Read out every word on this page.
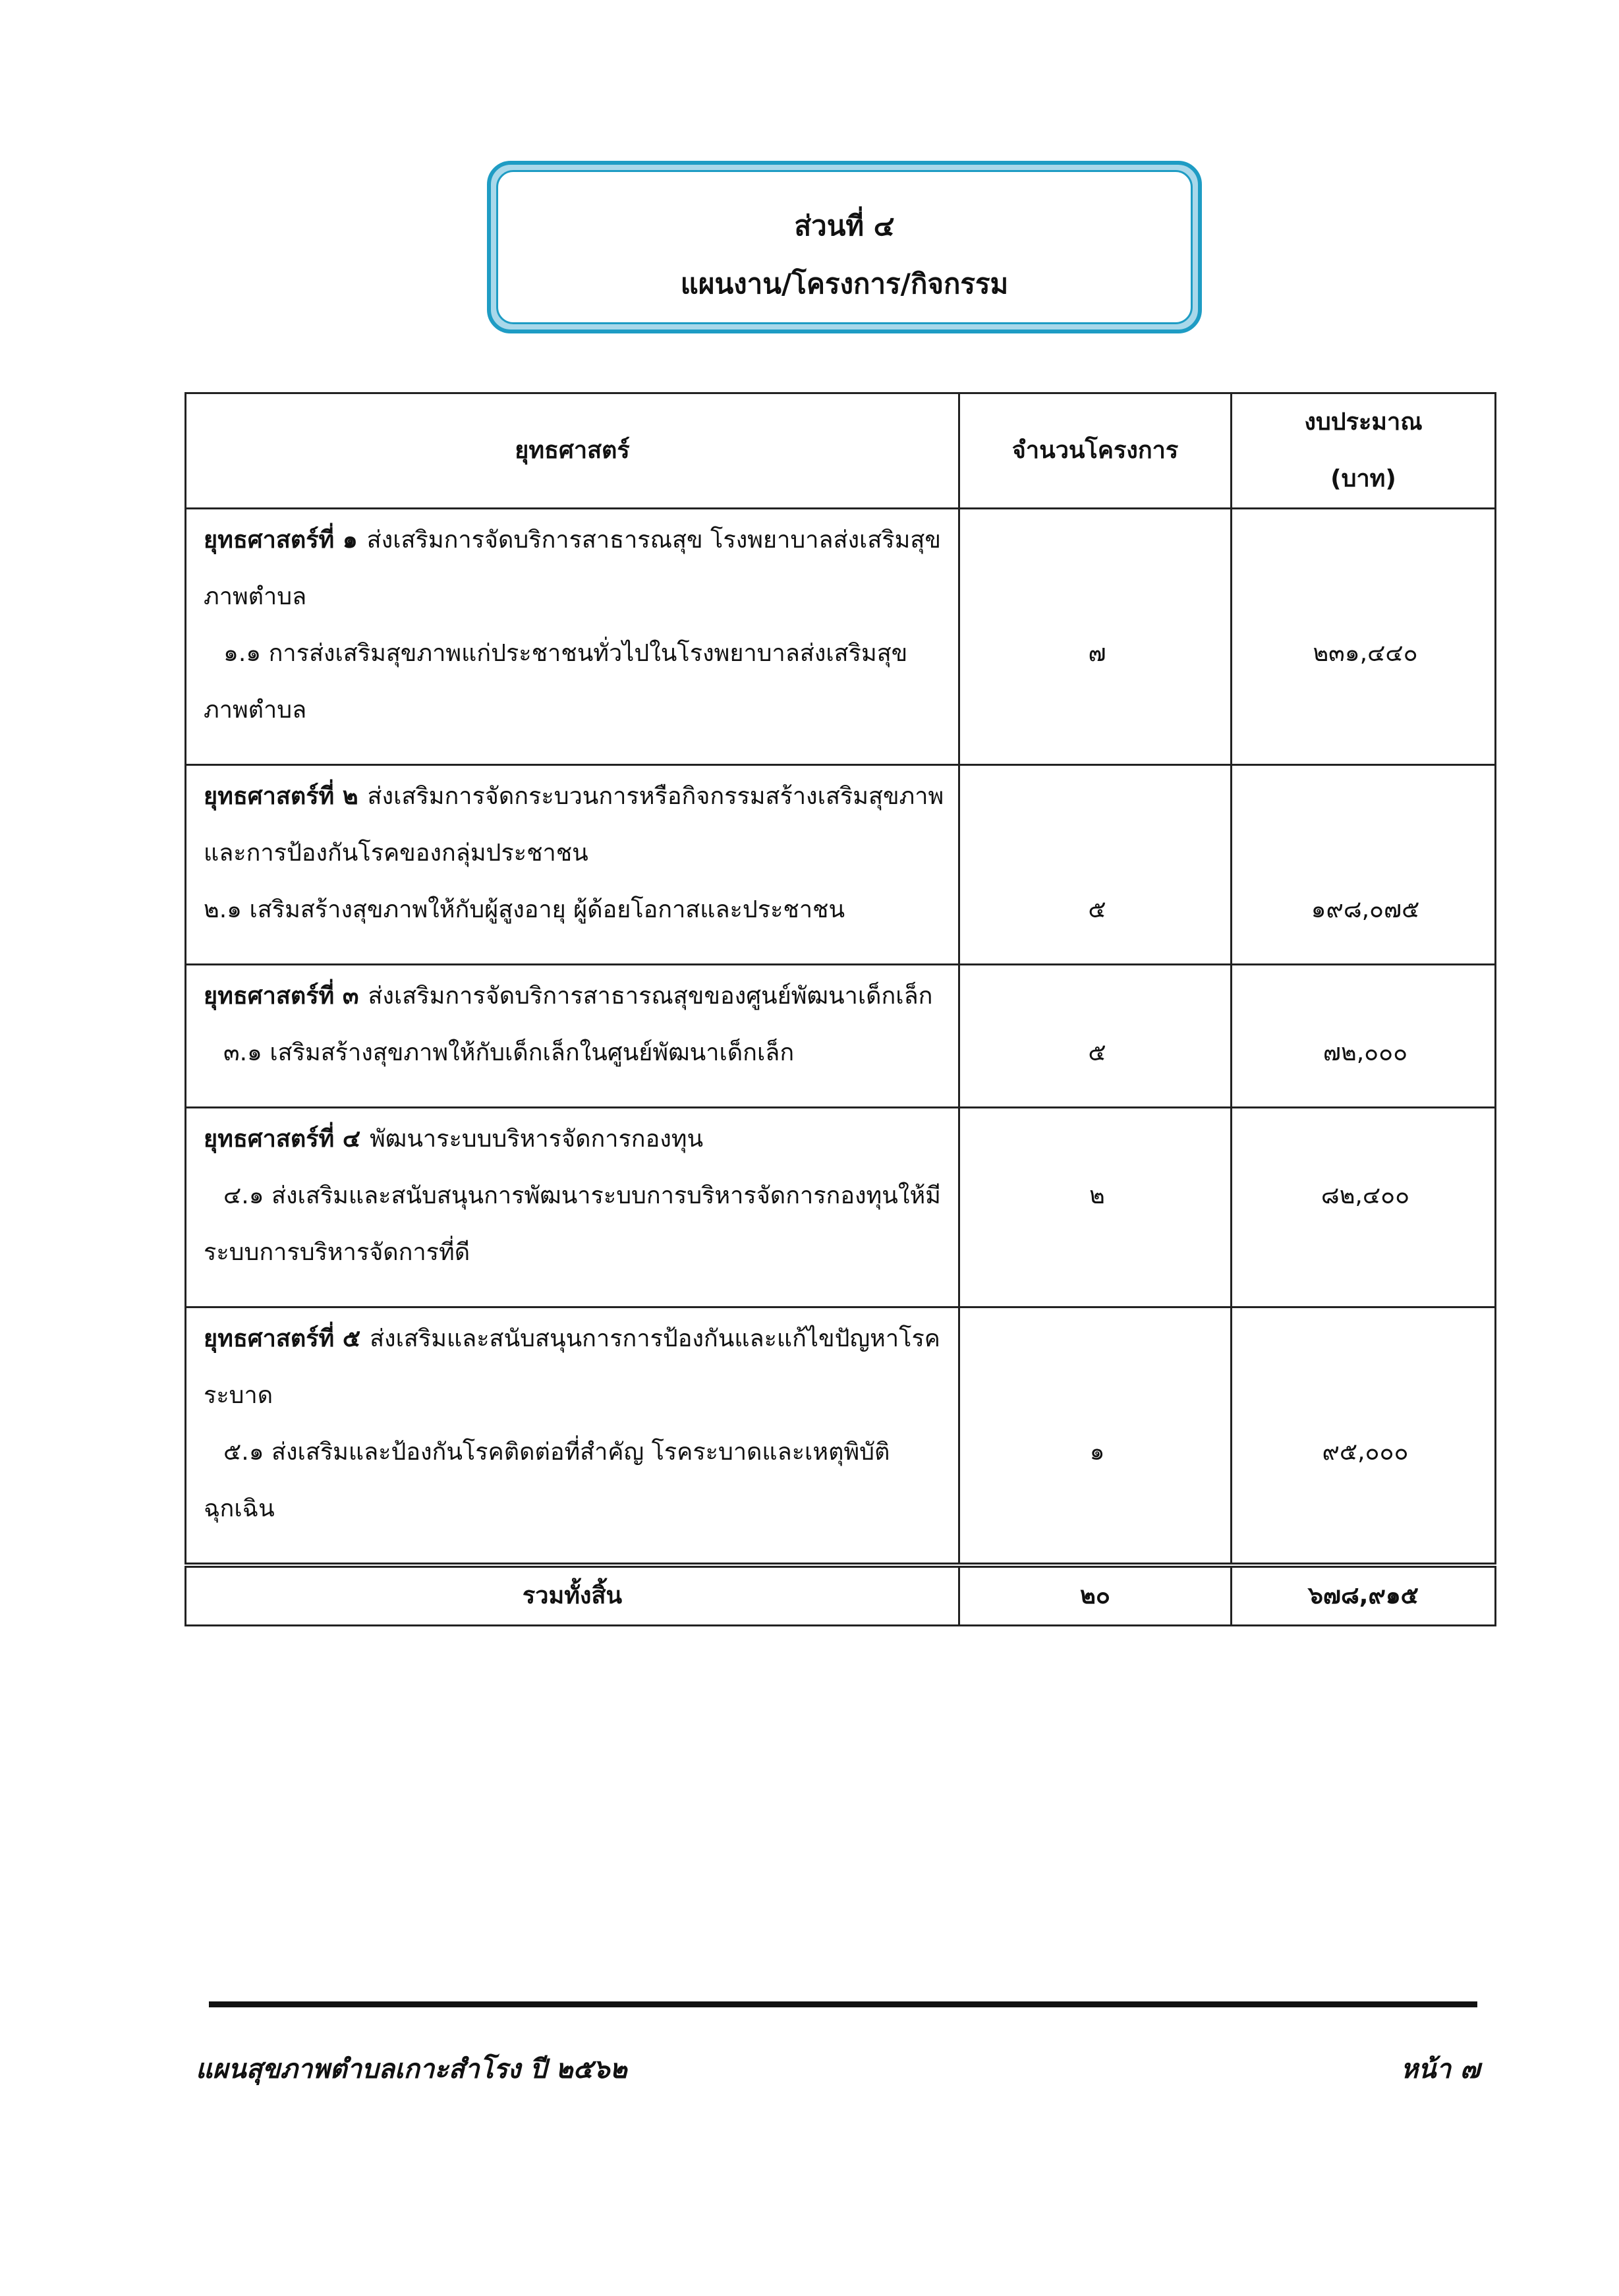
ส่วนที่ ๔
แผนงาน/โครงการ/กิจกรรม
ยุทธศาสตร์	จำนวนโครงการ	งบประมาณ
(บาท)

ยุทธศาสตร์ที่ ๑ ส่งเสริมการจัดบริการสาธารณสุข โรงพยาบาลส่งเสริมสุขภาพตำบล		

๑.๑ การส่งเสริมสุขภาพแก่ประชาชนทั่วไปในโรงพยาบาลส่งเสริมสุขภาพตำบล	๗	๒๓๑,๔๔๐
ยุทธศาสตร์ที่ ๒ ส่งเสริมการจัดกระบวนการหรือกิจกรรมสร้างเสริมสุขภาพ และการป้องกันโรคของกลุ่มประชาชน		

๒.๑ เสริมสร้างสุขภาพให้กับผู้สูงอายุ ผู้ด้อยโอกาสและประชาชน	๕	๑๙๘,๐๗๕
ยุทธศาสตร์ที่ ๓ ส่งเสริมการจัดบริการสาธารณสุขของศูนย์พัฒนาเด็กเล็ก		

๓.๑ เสริมสร้างสุขภาพให้กับเด็กเล็กในศูนย์พัฒนาเด็กเล็ก	๕	๗๒,๐๐๐
ยุทธศาสตร์ที่ ๔ พัฒนาระบบบริหารจัดการกองทุน		

๔.๑ ส่งเสริมและสนับสนุนการพัฒนาระบบการบริหารจัดการกองทุนให้มีระบบการบริหารจัดการที่ดี	๒	๘๒,๔๐๐
ยุทธศาสตร์ที่ ๕ ส่งเสริมและสนับสนุนการการป้องกันและแก้ไขปัญหาโรคระบาด		

๕.๑ ส่งเสริมและป้องกันโรคติดต่อที่สำคัญ โรคระบาดและเหตุพิบัติฉุกเฉิน	๑	๙๕,๐๐๐
รวมทั้งสิ้น	๒๐	๖๗๘,๙๑๕
แผนสุขภาพตำบลเกาะสำโรง ปี ๒๕๖๒	หน้า ๗
